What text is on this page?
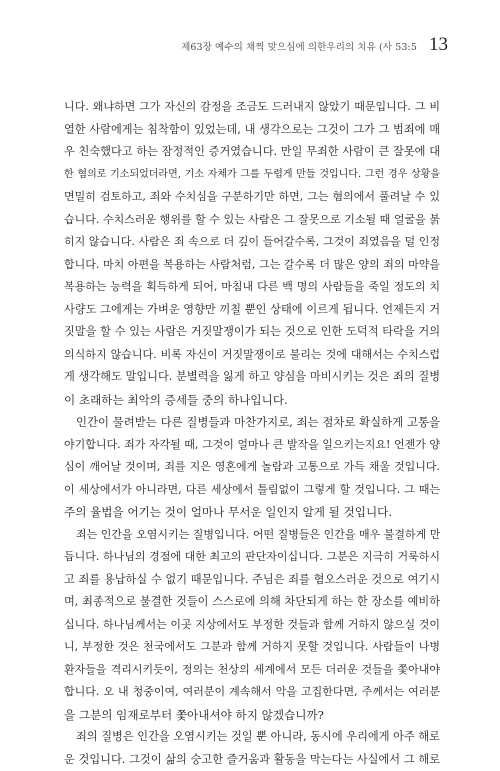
제63장 예수의 채찍 맞으심에 의한우리의 치유 (사 53:5 13
니다. 왜냐하면 그가 자신의 감정을 조금도 드러내지 않았기 때문입니다. 그 비
열한 사람에게는 침착함이 있었는데, 내 생각으로는 그것이 그가 그 범죄에 매
우 친숙했다고 하는 잠정적인 증거였습니다. 만일 무죄한 사람이 큰 잘못에 대
한 혐의로 기소되었더라면, 기소 자체가 그를 두렵게 만들 것입니다. 그런 경우 상황을
면밀히 검토하고, 죄와 수치심을 구분하기만 하면, 그는 혐의에서 풀려날 수 있
습니다. 수치스러운 행위를 할 수 있는 사람은 그 잘못으로 기소될 때 얼굴을 붉
히지 않습니다. 사람은 죄 속으로 더 깊이 들어갈수록, 그것이 죄였음을 덜 인정
합니다. 마치 아편을 복용하는 사람처럼, 그는 갈수록 더 많은 양의 죄의 마약을
복용하는 능력을 획득하게 되어, 마침내 다른 백 명의 사람들을 죽일 정도의 치
사량도 그에게는 가벼운 영향만 끼칠 뿐인 상태에 이르게 됩니다. 언제든지 거
짓말을 할 수 있는 사람은 거짓말쟁이가 되는 것으로 인한 도덕적 타락을 거의
의식하지 않습니다. 비록 자신이 거짓말쟁이로 불리는 것에 대해서는 수치스럽
게 생각해도 말입니다. 분별력을 잃게 하고 양심을 마비시키는 것은 죄의 질병
이 초래하는 최악의 증세들 중의 하나입니다.
인간이 물려받는 다른 질병들과 마찬가지로, 죄는 점차로 확실하게 고통을
야기합니다. 죄가 자각될 때, 그것이 얼마나 큰 발작을 일으키는지요! 언젠가 양
심이 깨어날 것이며, 죄를 지은 영혼에게 놀람과 고통으로 가득 채울 것입니다.
이 세상에서가 아니라면, 다른 세상에서 틀림없이 그렇게 할 것입니다. 그 때는
주의 율법을 어기는 것이 얼마나 무서운 일인지 알게 될 것입니다.
죄는 인간을 오염시키는 질병입니다. 어떤 질병들은 인간을 매우 불결하게 만
듭니다. 하나님의 경점에 대한 최고의 판단자이십니다. 그분은 지극히 거룩하시
고 죄를 용납하실 수 없기 때문입니다. 주님은 죄를 혐오스러운 것으로 여기시
며, 최종적으로 불결한 것들이 스스로에 의해 차단되게 하는 한 장소를 예비하
십니다. 하나님께서는 이곳 지상에서도 부정한 것들과 함께 거하지 않으실 것이
니, 부정한 것은 천국에서도 그분과 함께 거하지 못할 것입니다. 사람들이 나병
환자들을 격리시키듯이, 정의는 천상의 세계에서 모든 더러운 것들을 쫓아내야
합니다. 오 내 청중이여, 여러분이 계속해서 악을 고집한다면, 주께서는 여러분
을 그분의 임재로부터 쫓아내셔야 하지 않겠습니까?
죄의 질병은 인간을 오염시키는 것일 뿐 아니라, 동시에 우리에게 아주 해로
운 것입니다. 그것이 삶의 숭고한 즐거움과 활동을 막는다는 사실에서 그 해로
